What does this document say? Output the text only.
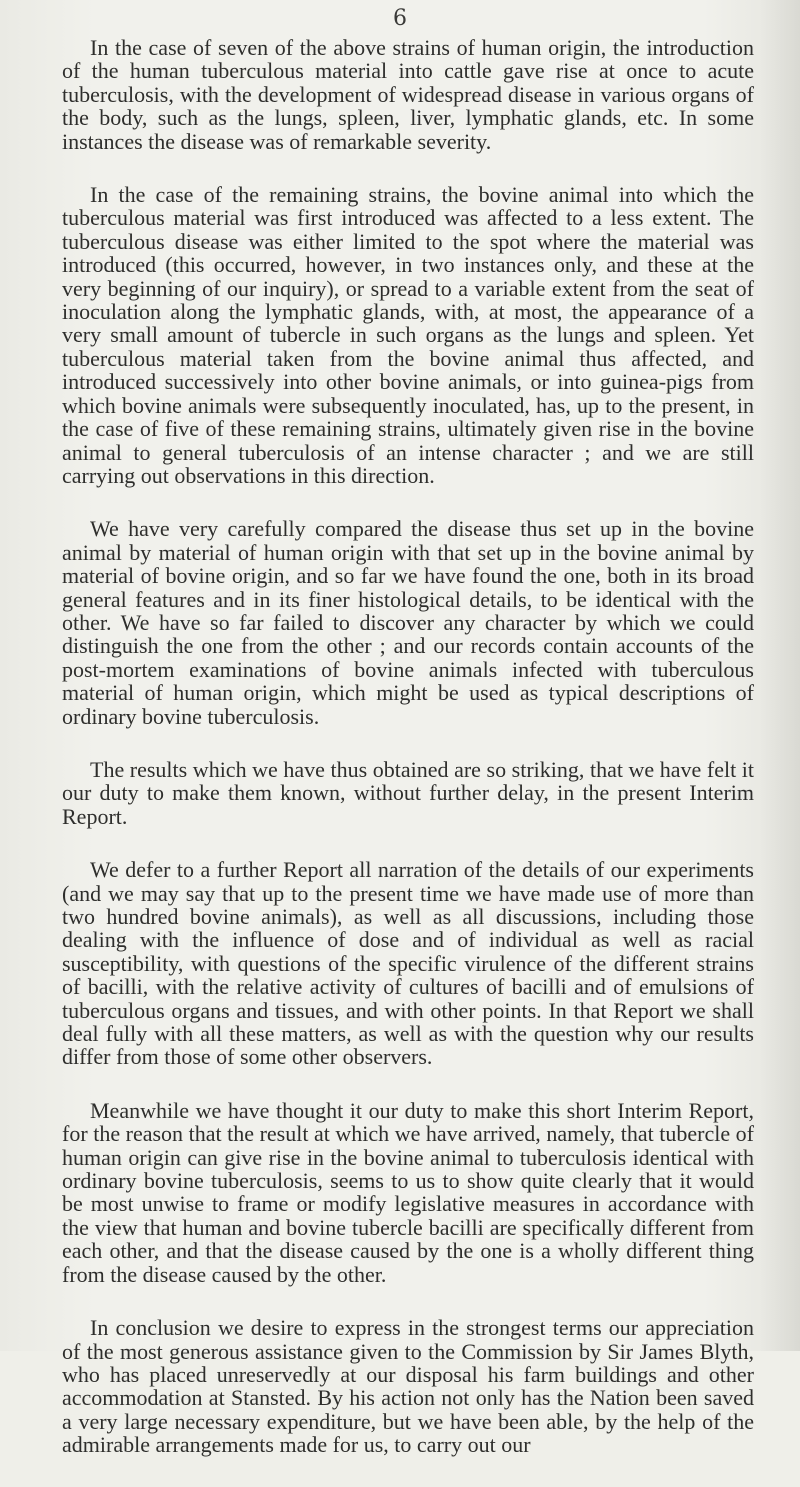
6

In the case of seven of the above strains of human origin, the introduction of the human tuberculous material into cattle gave rise at once to acute tuberculosis, with the development of widespread disease in various organs of the body, such as the lungs, spleen, liver, lymphatic glands, etc. In some instances the disease was of remarkable severity.

In the case of the remaining strains, the bovine animal into which the tuberculous material was first introduced was affected to a less extent. The tuberculous disease was either limited to the spot where the material was introduced (this occurred, however, in two instances only, and these at the very beginning of our inquiry), or spread to a variable extent from the seat of inoculation along the lymphatic glands, with, at most, the appearance of a very small amount of tubercle in such organs as the lungs and spleen. Yet tuberculous material taken from the bovine animal thus affected, and introduced successively into other bovine animals, or into guinea-pigs from which bovine animals were subsequently inoculated, has, up to the present, in the case of five of these remaining strains, ultimately given rise in the bovine animal to general tuberculosis of an intense character ; and we are still carrying out observations in this direction.

We have very carefully compared the disease thus set up in the bovine animal by material of human origin with that set up in the bovine animal by material of bovine origin, and so far we have found the one, both in its broad general features and in its finer histological details, to be identical with the other. We have so far failed to discover any character by which we could distinguish the one from the other ; and our records contain accounts of the post-mortem examinations of bovine animals infected with tuberculous material of human origin, which might be used as typical descriptions of ordinary bovine tuberculosis.

The results which we have thus obtained are so striking, that we have felt it our duty to make them known, without further delay, in the present Interim Report.

We defer to a further Report all narration of the details of our experiments (and we may say that up to the present time we have made use of more than two hundred bovine animals), as well as all discussions, including those dealing with the influence of dose and of individual as well as racial susceptibility, with questions of the specific virulence of the different strains of bacilli, with the relative activity of cultures of bacilli and of emulsions of tuberculous organs and tissues, and with other points. In that Report we shall deal fully with all these matters, as well as with the question why our results differ from those of some other observers.

Meanwhile we have thought it our duty to make this short Interim Report, for the reason that the result at which we have arrived, namely, that tubercle of human origin can give rise in the bovine animal to tuberculosis identical with ordinary bovine tuberculosis, seems to us to show quite clearly that it would be most unwise to frame or modify legislative measures in accordance with the view that human and bovine tubercle bacilli are specifically different from each other, and that the disease caused by the one is a wholly different thing from the disease caused by the other.

In conclusion we desire to express in the strongest terms our appreciation of the most generous assistance given to the Commission by Sir James Blyth, who has placed unreservedly at our disposal his farm buildings and other accommodation at Stansted. By his action not only has the Nation been saved a very large necessary expenditure, but we have been able, by the help of the admirable arrangements made for us, to carry out our
